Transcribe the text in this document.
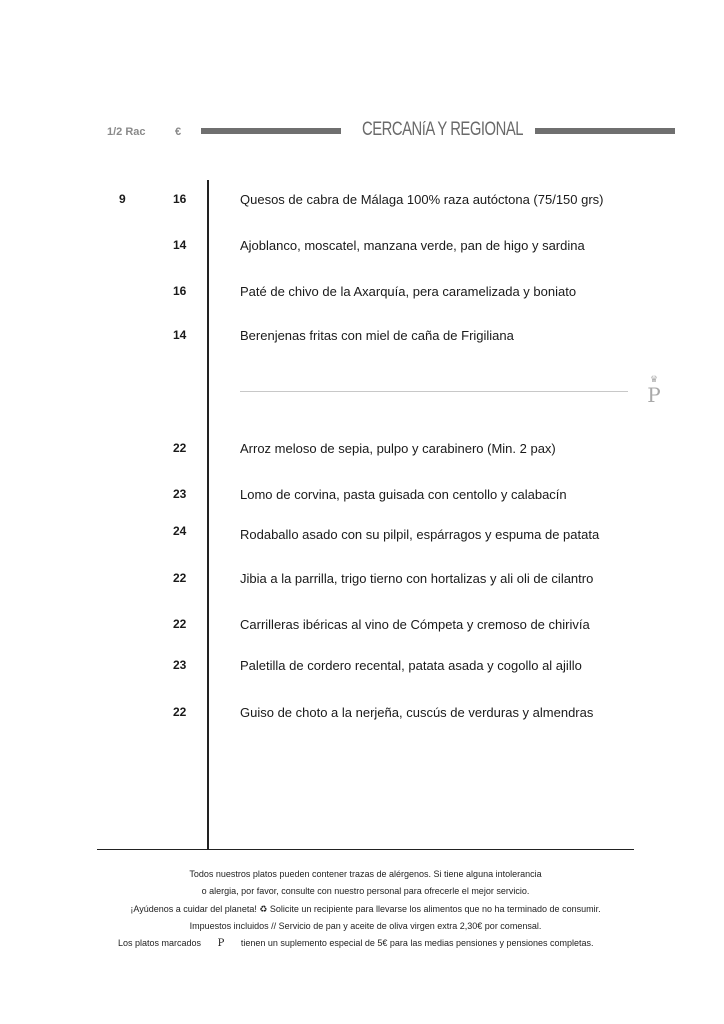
1/2 Rac	€	CERCANíA Y REGIONAL
♛
P
9	16	Quesos de cabra de Málaga 100% raza autóctona (75/150 grs)
14	Ajoblanco, moscatel, manzana verde, pan de higo y sardina
16	Paté de chivo de la Axarquía, pera caramelizada y boniato
14	Berenjenas fritas con miel de caña de Frigiliana
22	Arroz meloso de sepia, pulpo y carabinero (Min. 2 pax)
23	Lomo de corvina, pasta guisada con centollo y calabacín
24	Rodaballo asado con su pilpil, espárragos y espuma de patata
22	Jibia a la parrilla, trigo tierno con hortalizas y ali oli de cilantro
22	Carrilleras ibéricas al vino de Cómpeta y cremoso de chirivía
23	Paletilla de cordero recental, patata asada y cogollo al ajillo
22	Guiso de choto a la nerjeña, cuscús de verduras y almendras
Todos nuestros platos pueden contener trazas de alérgenos. Si tiene alguna intolerancia
o alergia, por favor, consulte con nuestro personal para ofrecerle el mejor servicio.
¡Ayúdenos a cuidar del planeta! ♻ Solicite un recipiente para llevarse los alimentos que no ha terminado de consumir.
Impuestos incluidos // Servicio de pan y aceite de oliva virgen extra 2,30€ por comensal.
Los platos marcados P tienen un suplemento especial de 5€ para las medias pensiones y pensiones completas.
